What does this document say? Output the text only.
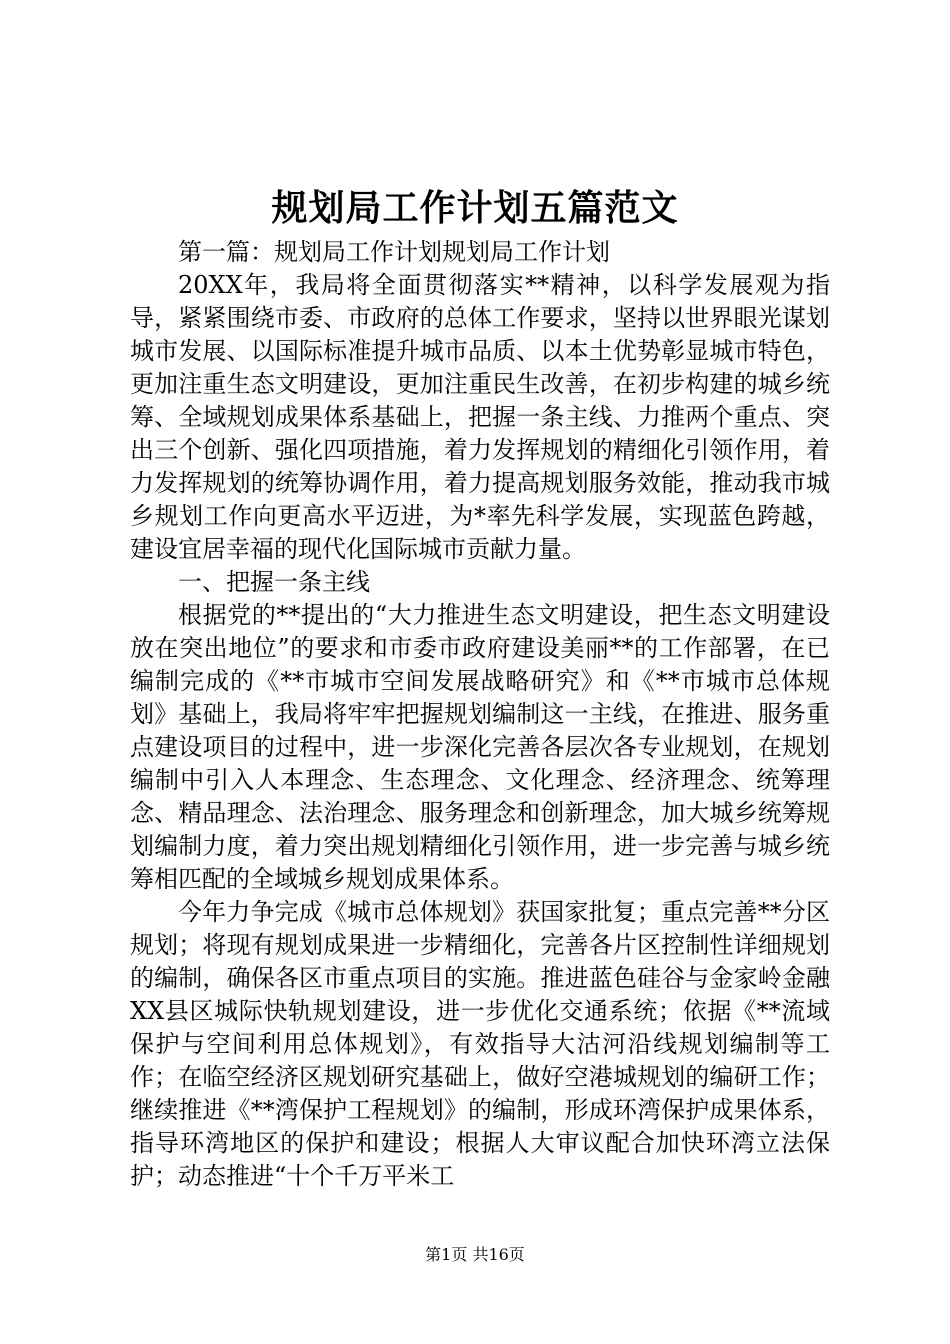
规划局工作计划五篇范文

第一篇：规划局工作计划规划局工作计划

20XX年，我局将全面贯彻落实**精神，以科学发展观为指导，紧紧围绕市委、市政府的总体工作要求，坚持以世界眼光谋划城市发展、以国际标准提升城市品质、以本土优势彰显城市特色，更加注重生态文明建设，更加注重民生改善，在初步构建的城乡统筹、全域规划成果体系基础上，把握一条主线、力推两个重点、突出三个创新、强化四项措施，着力发挥规划的精细化引领作用，着力发挥规划的统筹协调作用，着力提高规划服务效能，推动我市城乡规划工作向更高水平迈进，为*率先科学发展，实现蓝色跨越，建设宜居幸福的现代化国际城市贡献力量。

一、把握一条主线

根据党的**提出的“大力推进生态文明建设，把生态文明建设放在突出地位”的要求和市委市政府建设美丽**的工作部署，在已编制完成的《**市城市空间发展战略研究》和《**市城市总体规划》基础上，我局将牢牢把握规划编制这一主线，在推进、服务重点建设项目的过程中，进一步深化完善各层次各专业规划，在规划编制中引入人本理念、生态理念、文化理念、经济理念、统筹理念、精品理念、法治理念、服务理念和创新理念，加大城乡统筹规划编制力度，着力突出规划精细化引领作用，进一步完善与城乡统筹相匹配的全域城乡规划成果体系。

今年力争完成《城市总体规划》获国家批复；重点完善**分区规划；将现有规划成果进一步精细化，完善各片区控制性详细规划的编制，确保各区市重点项目的实施。推进蓝色硅谷与金家岭金融XX县区城际快轨规划建设，进一步优化交通系统；依据《**流域保护与空间利用总体规划》，有效指导大沽河沿线规划编制等工作；在临空经济区规划研究基础上，做好空港城规划的编研工作；继续推进《**湾保护工程规划》的编制，形成环湾保护成果体系，指导环湾地区的保护和建设；根据人大审议配合加快环湾立法保护；动态推进“十个千万平米工

第1页 共16页
